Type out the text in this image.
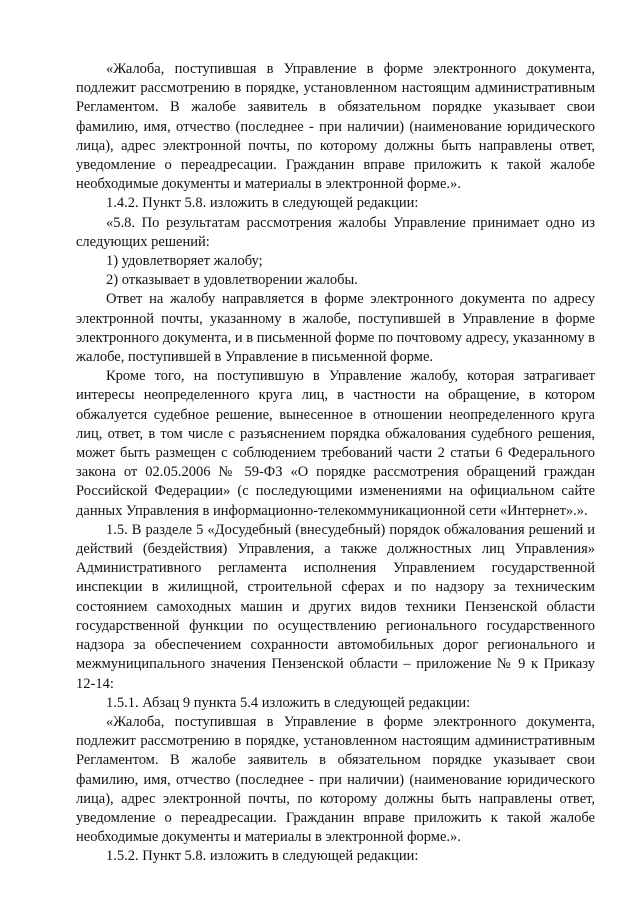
«Жалоба, поступившая в Управление в форме электронного документа, подлежит рассмотрению в порядке, установленном настоящим административным Регламентом. В жалобе заявитель в обязательном порядке указывает свои фамилию, имя, отчество (последнее - при наличии) (наименование юридического лица), адрес электронной почты, по которому должны быть направлены ответ, уведомление о переадресации. Гражданин вправе приложить к такой жалобе необходимые документы и материалы в электронной форме.».

1.4.2. Пункт 5.8. изложить в следующей редакции:

«5.8. По результатам рассмотрения жалобы Управление принимает одно из следующих решений:

1) удовлетворяет жалобу;

2) отказывает в удовлетворении жалобы.

Ответ на жалобу направляется в форме электронного документа по адресу электронной почты, указанному в жалобе, поступившей в Управление в форме электронного документа, и в письменной форме по почтовому адресу, указанному в жалобе, поступившей в Управление в письменной форме.

Кроме того, на поступившую в Управление жалобу, которая затрагивает интересы неопределенного круга лиц, в частности на обращение, в котором обжалуется судебное решение, вынесенное в отношении неопределенного круга лиц, ответ, в том числе с разъяснением порядка обжалования судебного решения, может быть размещен с соблюдением требований части 2 статьи 6 Федерального закона от 02.05.2006 № 59-ФЗ «О порядке рассмотрения обращений граждан Российской Федерации» (с последующими изменениями на официальном сайте данных Управления в информационно-телекоммуникационной сети «Интернет».».

1.5. В разделе 5 «Досудебный (внесудебный) порядок обжалования решений и действий (бездействия) Управления, а также должностных лиц Управления» Административного регламента исполнения Управлением государственной инспекции в жилищной, строительной сферах и по надзору за техническим состоянием самоходных машин и других видов техники Пензенской области государственной функции по осуществлению регионального государственного надзора за обеспечением сохранности автомобильных дорог регионального и межмуниципального значения Пензенской области – приложение № 9 к Приказу 12-14:

1.5.1. Абзац 9 пункта 5.4 изложить в следующей редакции:

«Жалоба, поступившая в Управление в форме электронного документа, подлежит рассмотрению в порядке, установленном настоящим административным Регламентом. В жалобе заявитель в обязательном порядке указывает свои фамилию, имя, отчество (последнее - при наличии) (наименование юридического лица), адрес электронной почты, по которому должны быть направлены ответ, уведомление о переадресации. Гражданин вправе приложить к такой жалобе необходимые документы и материалы в электронной форме.».

1.5.2. Пункт 5.8. изложить в следующей редакции:
